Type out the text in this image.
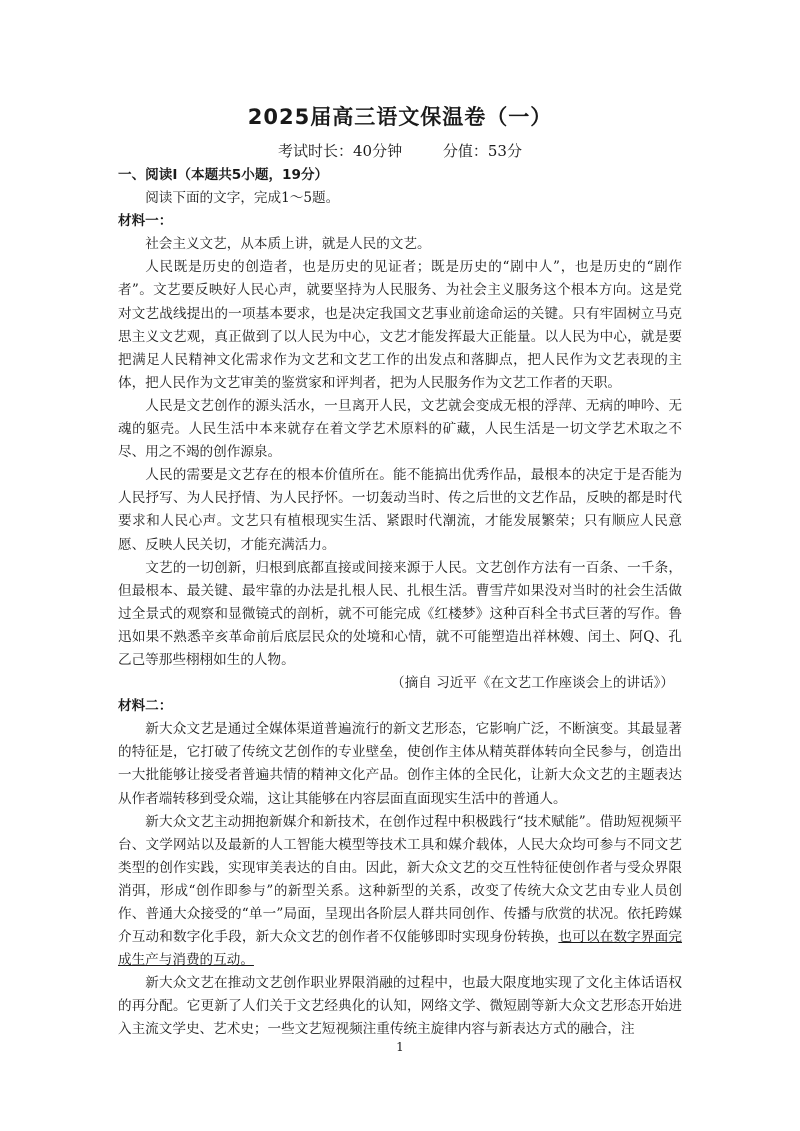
2025届高三语文保温卷（一）
考试时长：40分钟	分值：53分
一、阅读Ⅰ（本题共5小题，19分）

阅读下面的文字，完成1～5题。

材料一：

社会主义文艺，从本质上讲，就是人民的文艺。

人民既是历史的创造者，也是历史的见证者；既是历史的“剧中人”，也是历史的“剧作者”。文艺要反映好人民心声，就要坚持为人民服务、为社会主义服务这个根本方向。这是党对文艺战线提出的一项基本要求，也是决定我国文艺事业前途命运的关键。只有牢固树立马克思主义文艺观，真正做到了以人民为中心，文艺才能发挥最大正能量。以人民为中心，就是要把满足人民精神文化需求作为文艺和文艺工作的出发点和落脚点，把人民作为文艺表现的主体，把人民作为文艺审美的鉴赏家和评判者，把为人民服务作为文艺工作者的天职。

人民是文艺创作的源头活水，一旦离开人民，文艺就会变成无根的浮萍、无病的呻吟、无魂的躯壳。人民生活中本来就存在着文学艺术原料的矿藏，人民生活是一切文学艺术取之不尽、用之不竭的创作源泉。

人民的需要是文艺存在的根本价值所在。能不能搞出优秀作品，最根本的决定于是否能为人民抒写、为人民抒情、为人民抒怀。一切轰动当时、传之后世的文艺作品，反映的都是时代要求和人民心声。文艺只有植根现实生活、紧跟时代潮流，才能发展繁荣；只有顺应人民意愿、反映人民关切，才能充满活力。

文艺的一切创新，归根到底都直接或间接来源于人民。文艺创作方法有一百条、一千条，但最根本、最关键、最牢靠的办法是扎根人民、扎根生活。曹雪芹如果没对当时的社会生活做过全景式的观察和显微镜式的剖析，就不可能完成《红楼梦》这种百科全书式巨著的写作。鲁迅如果不熟悉辛亥革命前后底层民众的处境和心情，就不可能塑造出祥林嫂、闰土、阿Q、孔乙己等那些栩栩如生的人物。

（摘自 习近平《在文艺工作座谈会上的讲话》）

材料二：

新大众文艺是通过全媒体渠道普遍流行的新文艺形态，它影响广泛，不断演变。其最显著的特征是，它打破了传统文艺创作的专业壁垒，使创作主体从精英群体转向全民参与，创造出一大批能够让接受者普遍共情的精神文化产品。创作主体的全民化，让新大众文艺的主题表达从作者端转移到受众端，这让其能够在内容层面直面现实生活中的普通人。

新大众文艺主动拥抱新媒介和新技术，在创作过程中积极践行“技术赋能”。借助短视频平台、文学网站以及最新的人工智能大模型等技术工具和媒介载体，人民大众均可参与不同文艺类型的创作实践，实现审美表达的自由。因此，新大众文艺的交互性特征使创作者与受众界限消弭，形成“创作即参与”的新型关系。这种新型的关系，改变了传统大众文艺由专业人员创作、普通大众接受的“单一”局面，呈现出各阶层人群共同创作、传播与欣赏的状况。依托跨媒介互动和数字化手段，新大众文艺的创作者不仅能够即时实现身份转换，也可以在数字界面完成生产与消费的互动。

新大众文艺在推动文艺创作职业界限消融的过程中，也最大限度地实现了文化主体话语权的再分配。它更新了人们关于文艺经典化的认知，网络文学、微短剧等新大众文艺形态开始进入主流文学史、艺术史；一些文艺短视频注重传统主旋律内容与新表达方式的融合，注

1
